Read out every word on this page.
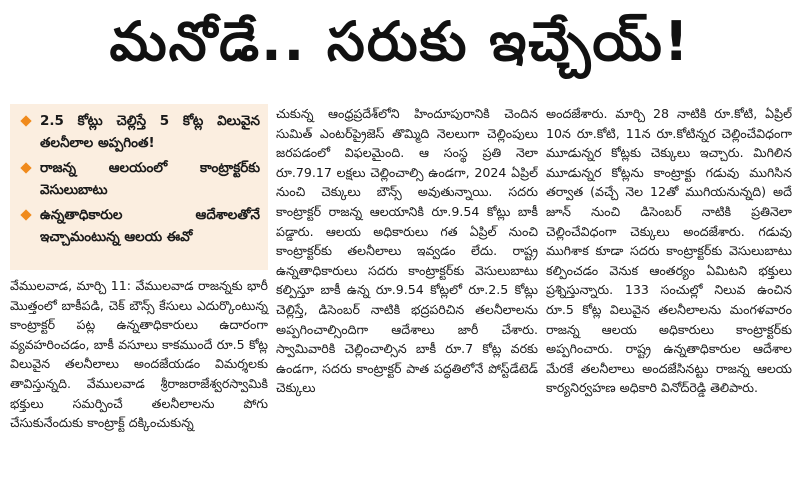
మనోడే.. సరుకు ఇచ్చేయ్!
2.5 కోట్లు చెల్లిస్తే 5 కోట్ల విలువైన తలనీలాల అప్పగింత!
రాజన్న ఆలయంలో కాంట్రాక్టర్‌కు వెసులుబాటు
ఉన్నతాధికారుల ఆదేశాలతోనే ఇచ్చామంటున్న ఆలయ ఈవో

వేములవాడ, మార్చి 11: వేములవాడ రాజన్నకు భారీ మొత్తంలో బాకీపడి, చెక్‌ బౌన్స్‌ కేసులు ఎదుర్కొంటున్న కాంట్రాక్టర్‌ పట్ల ఉన్నతాధికారులు ఉదారంగా వ్యవహరించడం, బాకీ వసూలు కాకముందే రూ.5 కోట్ల విలువైన తలనీలాలు అందజేయడం విమర్శలకు తావిస్తున్నది. వేములవాడ శ్రీరాజరాజేశ్వరస్వామికి భక్తులు సమర్పించే తలనీలాలను పోగు చేసుకునేందుకు కాంట్రాక్ట్‌ దక్కించుకున్న

చుకున్న ఆంధ్రప్రదేశ్‌లోని హిందూపురానికి చెందిన సుమిత్‌ ఎంటర్‌ప్రైజెస్‌ తొమ్మిది నెలలుగా చెల్లింపులు జరపడంలో విఫలమైంది. ఆ సంస్థ ప్రతి నెలా రూ.79.17 లక్షలు చెల్లించాల్సి ఉండగా, 2024 ఏప్రిల్‌ నుంచి చెక్కులు బౌన్స్‌ అవుతున్నాయి. సదరు కాంట్రాక్టర్‌ రాజన్న ఆలయానికి రూ.9.54 కోట్లు బాకీ పడ్డారు. ఆలయ అధికారులు గత ఏప్రిల్‌ నుంచి కాంట్రాక్టర్‌కు తలనీలాలు ఇవ్వడం లేదు. రాష్ట్ర ఉన్నతాధికారులు సదరు కాంట్రాక్టర్‌కు వెసులుబాటు కల్పిస్తూ బాకీ ఉన్న రూ.9.54 కోట్లలో రూ.2.5 కోట్లు చెల్లిస్తే, డిసెంబర్‌ నాటికి భద్రపరిచిన తలనీలాలను అప్పగించాల్సిందిగా ఆదేశాలు జారీ చేశారు. స్వామివారికి చెల్లించాల్సిన బాకీ రూ.7 కోట్ల వరకు ఉండగా, సదరు కాంట్రాక్టర్‌ పాత పద్ధతిలోనే పోస్ట్‌డేటెడ్‌ చెక్కులు

అందజేశారు. మార్చి 28 నాటికి రూ.కోటి, ఏప్రిల్‌ 10న రూ.కోటి, 11న రూ.కోటిన్నర చెల్లించేవిధంగా మూడున్నర కోట్లకు చెక్కులు ఇచ్చారు. మిగిలిన మూడున్నర కోట్లను కాంట్రాక్టు గడువు ముగిసిన తర్వాత (వచ్చే నెల 12తో ముగియనున్నది) అదే జూన్‌ నుంచి డిసెంబర్‌ నాటికి ప్రతినెలా చెల్లించేవిధంగా చెక్కులు అందజేశారు. గడువు ముగిశాక కూడా సదరు కాంట్రాక్టర్‌కు వెసులుబాటు కల్పించడం వెనుక ఆంతర్యం ఏమిటని భక్తులు ప్రశ్నిస్తున్నారు. 133 సంచుల్లో నిలువ ఉంచిన రూ.5 కోట్ల విలువైన తలనీలాలను మంగళవారం రాజన్న ఆలయ అధికారులు కాంట్రాక్టర్‌కు అప్పగించారు. రాష్ట్ర ఉన్నతాధికారుల ఆదేశాల మేరకే తలనీలాలు అందజేసినట్టు రాజన్న ఆలయ కార్యనిర్వహణ అధికారి వినోద్‌రెడ్డి తెలిపారు.
